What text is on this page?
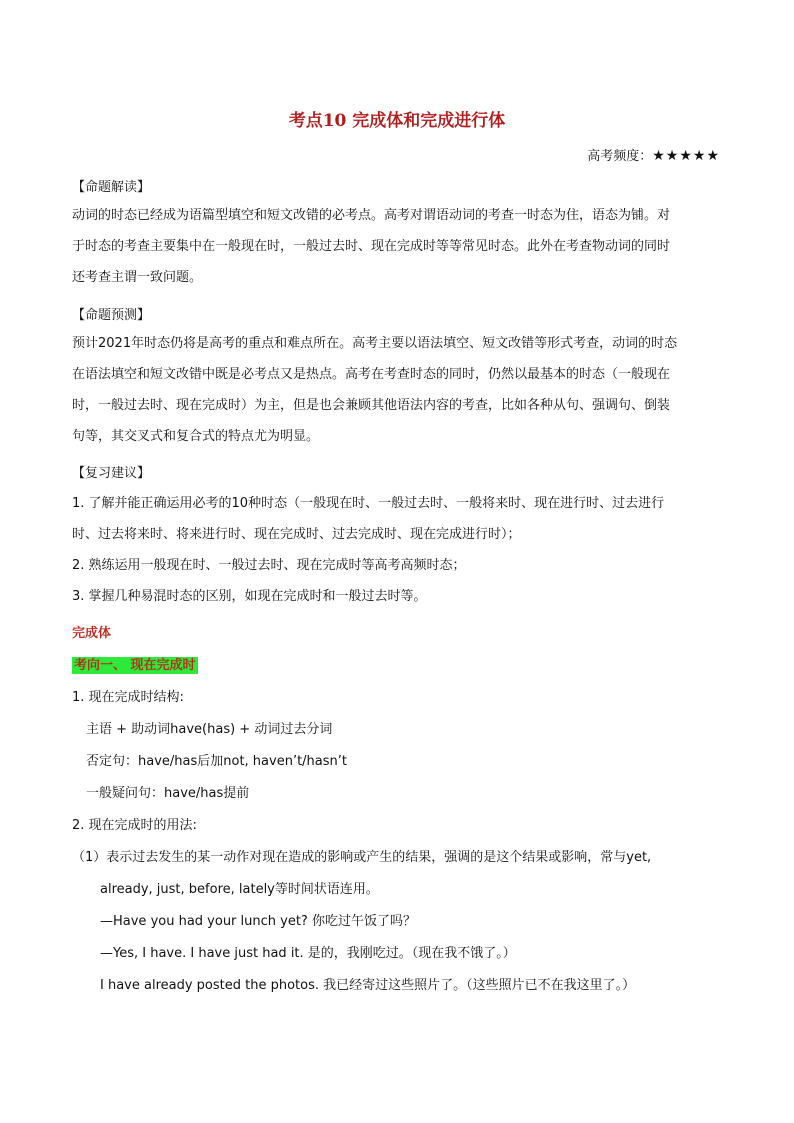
考点10 完成体和完成进行体
高考频度：★★★★★
【命题解读】

动词的时态已经成为语篇型填空和短文改错的必考点。高考对谓语动词的考查一时态为住，语态为铺。对

于时态的考查主要集中在一般现在时，一般过去时、现在完成时等等常见时态。此外在考查物动词的同时

还考查主谓一致问题。

【命题预测】

预计2021年时态仍将是高考的重点和难点所在。高考主要以语法填空、短文改错等形式考查，动词的时态

在语法填空和短文改错中既是必考点又是热点。高考在考查时态的同时，仍然以最基本的时态（一般现在

时，一般过去时、现在完成时）为主，但是也会兼顾其他语法内容的考查，比如各种从句、强调句、倒装

句等，其交叉式和复合式的特点尤为明显。

【复习建议】

1. 了解并能正确运用必考的10种时态（一般现在时、一般过去时、一般将来时、现在进行时、过去进行

时、过去将来时、将来进行时、现在完成时、过去完成时、现在完成进行时）；

2. 熟练运用一般现在时、一般过去时、现在完成时等高考高频时态；

3. 掌握几种易混时态的区别，如现在完成时和一般过去时等。

完成体
考向一、 现在完成时
1. 现在完成时结构:
主语 + 助动词have(has) + 动词过去分词
否定句：have/has后加not, haven’t/hasn’t
一般疑问句：have/has提前
2. 现在完成时的用法:
（1）表示过去发生的某一动作对现在造成的影响或产生的结果，强调的是这个结果或影响，常与yet,
already, just, before, lately等时间状语连用。
—Have you had your lunch yet? 你吃过午饭了吗？
—Yes, I have. I have just had it. 是的，我刚吃过。（现在我不饿了。）
I have already posted the photos. 我已经寄过这些照片了。（这些照片已不在我这里了。）
